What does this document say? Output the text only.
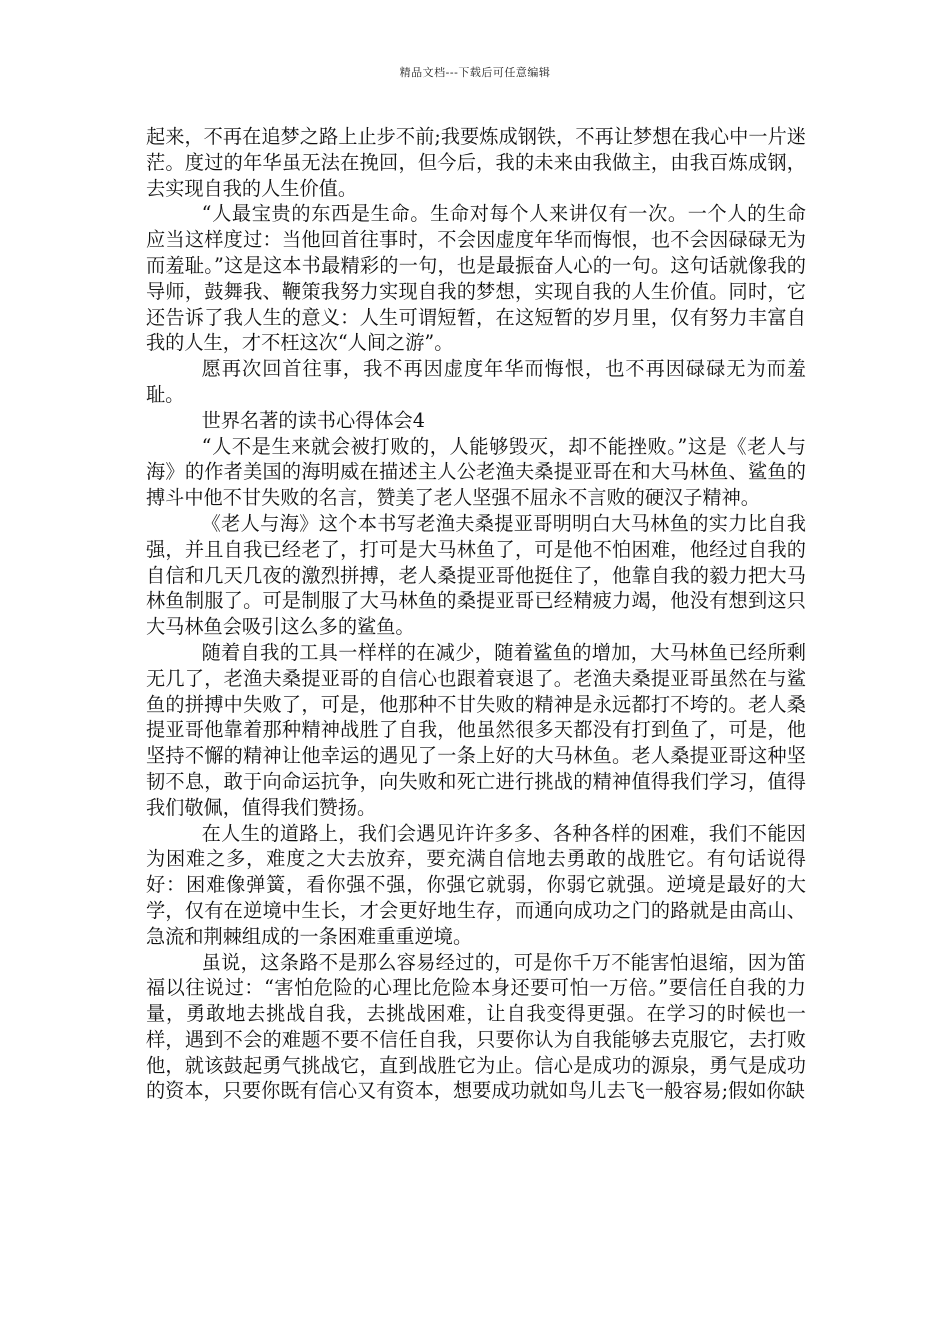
精品文档---下载后可任意编辑

起来，不再在追梦之路上止步不前;我要炼成钢铁，不再让梦想在我心中一片迷茫。度过的年华虽无法在挽回，但今后，我的未来由我做主，由我百炼成钢，去实现自我的人生价值。

“人最宝贵的东西是生命。生命对每个人来讲仅有一次。一个人的生命应当这样度过：当他回首往事时，不会因虚度年华而悔恨，也不会因碌碌无为而羞耻。”这是这本书最精彩的一句，也是最振奋人心的一句。这句话就像我的导师，鼓舞我、鞭策我努力实现自我的梦想，实现自我的人生价值。同时，它还告诉了我人生的意义：人生可谓短暂，在这短暂的岁月里，仅有努力丰富自我的人生，才不枉这次“人间之游”。

愿再次回首往事，我不再因虚度年华而悔恨，也不再因碌碌无为而羞耻。

世界名著的读书心得体会4

“人不是生来就会被打败的，人能够毁灭，却不能挫败。”这是《老人与海》的作者美国的海明威在描述主人公老渔夫桑提亚哥在和大马林鱼、鲨鱼的搏斗中他不甘失败的名言，赞美了老人坚强不屈永不言败的硬汉子精神。

《老人与海》这个本书写老渔夫桑提亚哥明明白大马林鱼的实力比自我强，并且自我已经老了，打可是大马林鱼了，可是他不怕困难，他经过自我的自信和几天几夜的激烈拼搏，老人桑提亚哥他挺住了，他靠自我的毅力把大马林鱼制服了。可是制服了大马林鱼的桑提亚哥已经精疲力竭，他没有想到这只大马林鱼会吸引这么多的鲨鱼。

随着自我的工具一样样的在减少，随着鲨鱼的增加，大马林鱼已经所剩无几了，老渔夫桑提亚哥的自信心也跟着衰退了。老渔夫桑提亚哥虽然在与鲨鱼的拼搏中失败了，可是，他那种不甘失败的精神是永远都打不垮的。老人桑提亚哥他靠着那种精神战胜了自我，他虽然很多天都没有打到鱼了，可是，他坚持不懈的精神让他幸运的遇见了一条上好的大马林鱼。老人桑提亚哥这种坚韧不息，敢于向命运抗争，向失败和死亡进行挑战的精神值得我们学习，值得我们敬佩，值得我们赞扬。

在人生的道路上，我们会遇见许许多多、各种各样的困难，我们不能因为困难之多，难度之大去放弃，要充满自信地去勇敢的战胜它。有句话说得好：困难像弹簧，看你强不强，你强它就弱，你弱它就强。逆境是最好的大学，仅有在逆境中生长，才会更好地生存，而通向成功之门的路就是由高山、急流和荆棘组成的一条困难重重逆境。

虽说，这条路不是那么容易经过的，可是你千万不能害怕退缩，因为笛福以往说过：“害怕危险的心理比危险本身还要可怕一万倍。”要信任自我的力量，勇敢地去挑战自我，去挑战困难，让自我变得更强。在学习的时候也一样，遇到不会的难题不要不信任自我，只要你认为自我能够去克服它，去打败他，就该鼓起勇气挑战它，直到战胜它为止。信心是成功的源泉，勇气是成功的资本，只要你既有信心又有资本，想要成功就如鸟儿去飞一般容易;假如你缺
